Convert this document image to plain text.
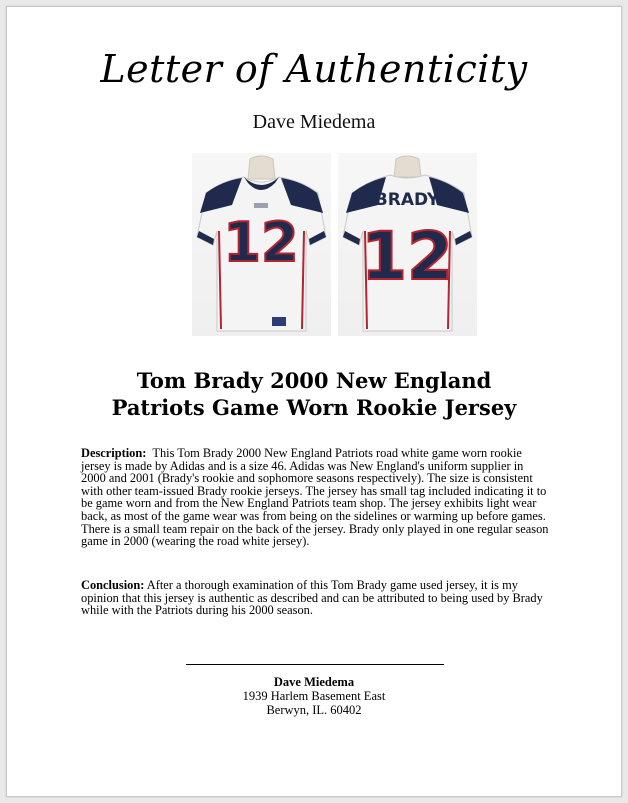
Letter of Authenticity
Dave Miedema
12
BRADY
12
Tom Brady 2000 New England
Patriots Game Worn Rookie Jersey
Description: This Tom Brady 2000 New England Patriots road white game worn rookie jersey is made by Adidas and is a size 46. Adidas was New England's uniform supplier in 2000 and 2001 (Brady's rookie and sophomore seasons respectively). The size is consistent with other team-issued Brady rookie jerseys. The jersey has small tag included indicating it to be game worn and from the New England Patriots team shop. The jersey exhibits light wear back, as most of the game wear was from being on the sidelines or warming up before games. There is a small team repair on the back of the jersey. Brady only played in one regular season game in 2000 (wearing the road white jersey).
Conclusion: After a thorough examination of this Tom Brady game used jersey, it is my opinion that this jersey is authentic as described and can be attributed to being used by Brady while with the Patriots during his 2000 season.
Dave Miedema
1939 Harlem Basement East
Berwyn, IL. 60402
